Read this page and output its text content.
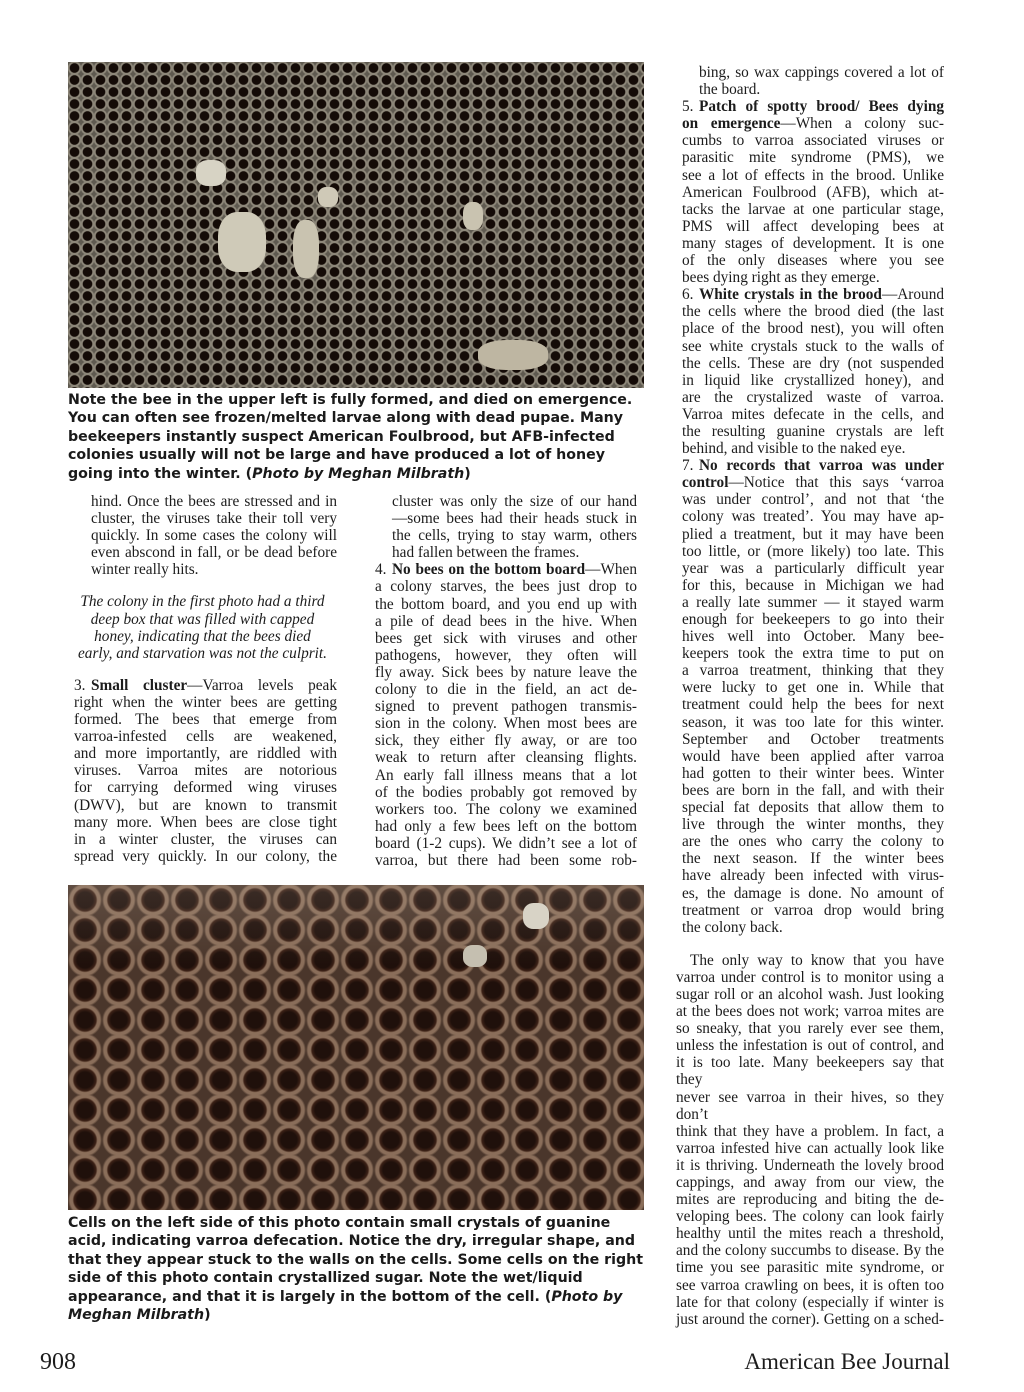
Note the bee in the upper left is fully formed, and died on emergence. You can often see frozen/melted larvae along with dead pupae. Many beekeepers instantly suspect American Foulbrood, but AFB-infected colonies usually will not be large and have produced a lot of honey going into the winter. (Photo by Meghan Milbrath)

hind. Once the bees are stressed and in

cluster, the viruses take their toll very

quickly. In some cases the colony will

even abscond in fall, or be dead before

winter really hits.

The colony in the first photo had a third

deep box that was filled with capped

honey, indicating that the bees died

early, and starvation was not the culprit.

3. Small cluster—Varroa levels peak

right when the winter bees are getting

formed. The bees that emerge from

varroa-infested cells are weakened,

and more importantly, are riddled with

viruses. Varroa mites are notorious

for carrying deformed wing viruses

(DWV), but are known to transmit

many more. When bees are close tight

in a winter cluster, the viruses can

spread very quickly. In our colony, the

cluster was only the size of our hand

—some bees had their heads stuck in

the cells, trying to stay warm, others

had fallen between the frames.

4. No bees on the bottom board—When

a colony starves, the bees just drop to

the bottom board, and you end up with

a pile of dead bees in the hive. When

bees get sick with viruses and other

pathogens, however, they often will

fly away. Sick bees by nature leave the

colony to die in the field, an act de-

signed to prevent pathogen transmis-

sion in the colony. When most bees are

sick, they either fly away, or are too

weak to return after cleansing flights.

An early fall illness means that a lot

of the bodies probably got removed by

workers too. The colony we examined

had only a few bees left on the bottom

board (1-2 cups). We didn’t see a lot of

varroa, but there had been some rob-

bing, so wax cappings covered a lot of

the board.

5. Patch of spotty brood/ Bees dying

on emergence—When a colony suc-

cumbs to varroa associated viruses or

parasitic mite syndrome (PMS), we

see a lot of effects in the brood. Unlike

American Foulbrood (AFB), which at-

tacks the larvae at one particular stage,

PMS will affect developing bees at

many stages of development. It is one

of the only diseases where you see

bees dying right as they emerge.

6. White crystals in the brood—Around

the cells where the brood died (the last

place of the brood nest), you will often

see white crystals stuck to the walls of

the cells. These are dry (not suspended

in liquid like crystallized honey), and

are the crystalized waste of varroa.

Varroa mites defecate in the cells, and

the resulting guanine crystals are left

behind, and visible to the naked eye.

7. No records that varroa was under

control—Notice that this says ‘varroa

was under control’, and not that ‘the

colony was treated’. You may have ap-

plied a treatment, but it may have been

too little, or (more likely) too late. This

year was a particularly difficult year

for this, because in Michigan we had

a really late summer — it stayed warm

enough for beekeepers to go into their

hives well into October. Many bee-

keepers took the extra time to put on

a varroa treatment, thinking that they

were lucky to get one in. While that

treatment could help the bees for next

season, it was too late for this winter.

September and October treatments

would have been applied after varroa

had gotten to their winter bees. Winter

bees are born in the fall, and with their

special fat deposits that allow them to

live through the winter months, they

are the ones who carry the colony to

the next season. If the winter bees

have already been infected with virus-

es, the damage is done. No amount of

treatment or varroa drop would bring

the colony back.

The only way to know that you have

varroa under control is to monitor using a

sugar roll or an alcohol wash. Just looking

at the bees does not work; varroa mites are

so sneaky, that you rarely ever see them,

unless the infestation is out of control, and

it is too late. Many beekeepers say that they

never see varroa in their hives, so they don’t

think that they have a problem. In fact, a

varroa infested hive can actually look like

it is thriving. Underneath the lovely brood

cappings, and away from our view, the

mites are reproducing and biting the de-

veloping bees. The colony can look fairly

healthy until the mites reach a threshold,

and the colony succumbs to disease. By the

time you see parasitic mite syndrome, or

see varroa crawling on bees, it is often too

late for that colony (especially if winter is

just around the corner). Getting on a sched-

Cells on the left side of this photo contain small crystals of guanine acid, indicating varroa defecation. Notice the dry, irregular shape, and that they appear stuck to the walls on the cells. Some cells on the right side of this photo contain crystallized sugar. Note the wet/liquid appearance, and that it is largely in the bottom of the cell. (Photo by Meghan Milbrath)

908	American Bee Journal
